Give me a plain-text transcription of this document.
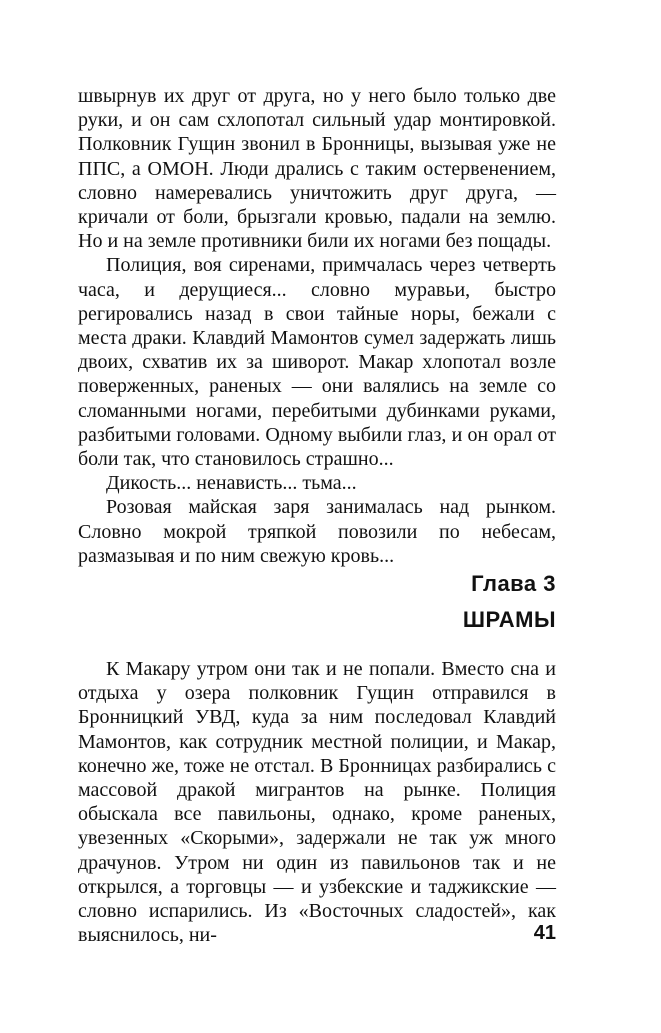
швырнув их друг от друга, но у него было только две руки, и он сам схлопотал сильный удар монтировкой. Полковник Гущин звонил в Бронницы, вызывая уже не ППС, а ОМОН. Люди дрались с таким остервенением, словно намеревались уничтожить друг друга, — кричали от боли, брызгали кровью, падали на землю. Но и на земле противники били их ногами без пощады.

Полиция, воя сиренами, примчалась через четверть часа, и дерущиеся... словно муравьи, быстро регировались назад в свои тайные норы, бежали с места драки. Клавдий Мамонтов сумел задержать лишь двоих, схватив их за шиворот. Макар хлопотал возле поверженных, раненых — они валялись на земле со сломанными ногами, перебитыми дубинками руками, разбитыми головами. Одному выбили глаз, и он орал от боли так, что становилось страшно...

Дикость... ненависть... тьма...

Розовая майская заря занималась над рынком. Словно мокрой тряпкой повозили по небесам, размазывая и по ним свежую кровь...

Глава 3
ШРАМЫ

К Макару утром они так и не попали. Вместо сна и отдыха у озера полковник Гущин отправился в Бронницкий УВД, куда за ним последовал Клавдий Мамонтов, как сотрудник местной полиции, и Макар, конечно же, тоже не отстал. В Бронницах разбирались с массовой дракой мигрантов на рынке. Полиция обыскала все павильоны, однако, кроме раненых, увезенных «Скорыми», задержали не так уж много драчунов. Утром ни один из павильонов так и не открылся, а торговцы — и узбекские и таджикские — словно испарились. Из «Восточных сладостей», как выяснилось, ни-	41
